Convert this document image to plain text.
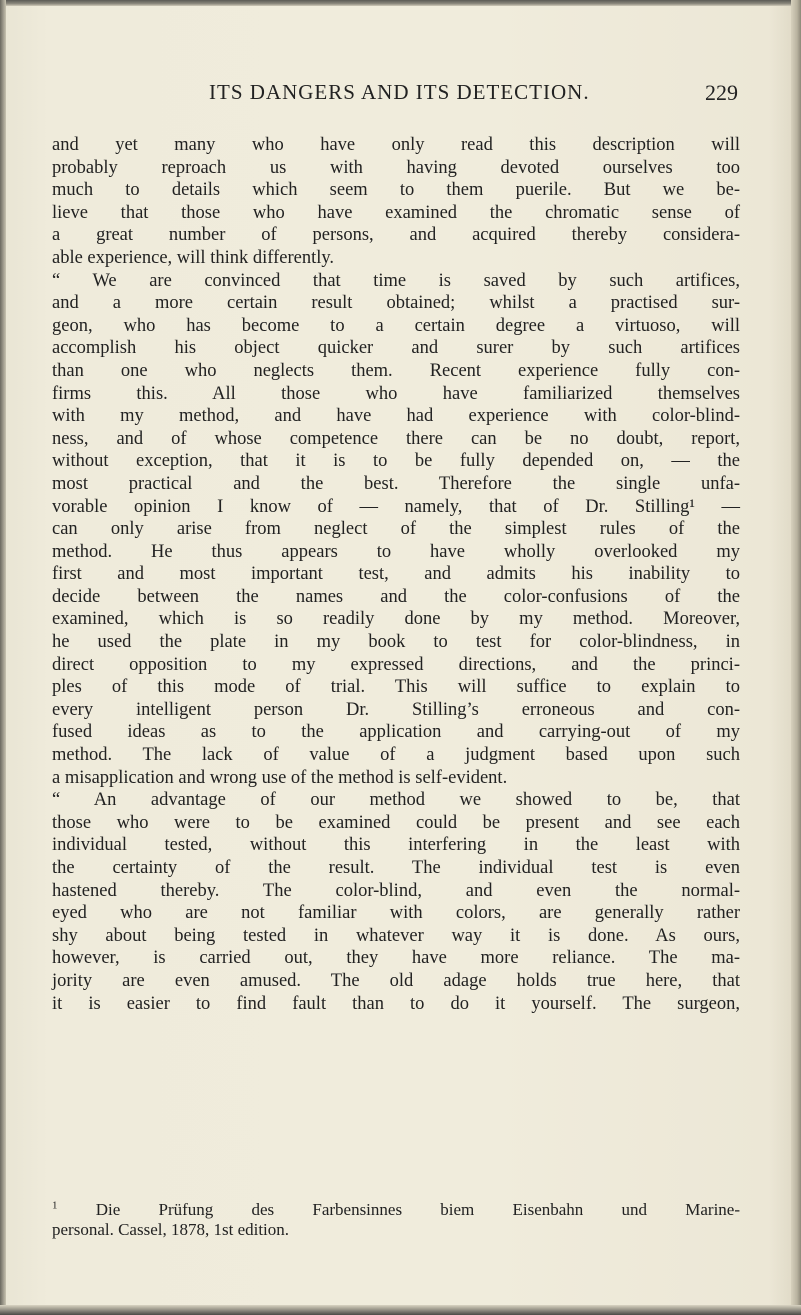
ITS DANGERS AND ITS DETECTION.	229
and yet many who have only read this description will
probably reproach us with having devoted ourselves too
much to details which seem to them puerile. But we be-
lieve that those who have examined the chromatic sense of
a great number of persons, and acquired thereby considera-
able experience, will think differently.
“ We are convinced that time is saved by such artifices,
and a more certain result obtained; whilst a practised sur-
geon, who has become to a certain degree a virtuoso, will
accomplish his object quicker and surer by such artifices
than one who neglects them. Recent experience fully con-
firms this. All those who have familiarized themselves
with my method, and have had experience with color-blind-
ness, and of whose competence there can be no doubt, report,
without exception, that it is to be fully depended on, — the
most practical and the best. Therefore the single unfa-
vorable opinion I know of — namely, that of Dr. Stilling¹ —
can only arise from neglect of the simplest rules of the
method. He thus appears to have wholly overlooked my
first and most important test, and admits his inability to
decide between the names and the color-confusions of the
examined, which is so readily done by my method. Moreover,
he used the plate in my book to test for color-blindness, in
direct opposition to my expressed directions, and the princi-
ples of this mode of trial. This will suffice to explain to
every intelligent person Dr. Stilling’s erroneous and con-
fused ideas as to the application and carrying-out of my
method. The lack of value of a judgment based upon such
a misapplication and wrong use of the method is self-evident.
“ An advantage of our method we showed to be, that
those who were to be examined could be present and see each
individual tested, without this interfering in the least with
the certainty of the result. The individual test is even
hastened thereby. The color-blind, and even the normal-
eyed who are not familiar with colors, are generally rather
shy about being tested in whatever way it is done. As ours,
however, is carried out, they have more reliance. The ma-
jority are even amused. The old adage holds true here, that
it is easier to find fault than to do it yourself. The surgeon,
$^1$ Die Prüfung des Farbensinnes biem Eisenbahn und Marine-
personal. Cassel, 1878, 1st edition.
